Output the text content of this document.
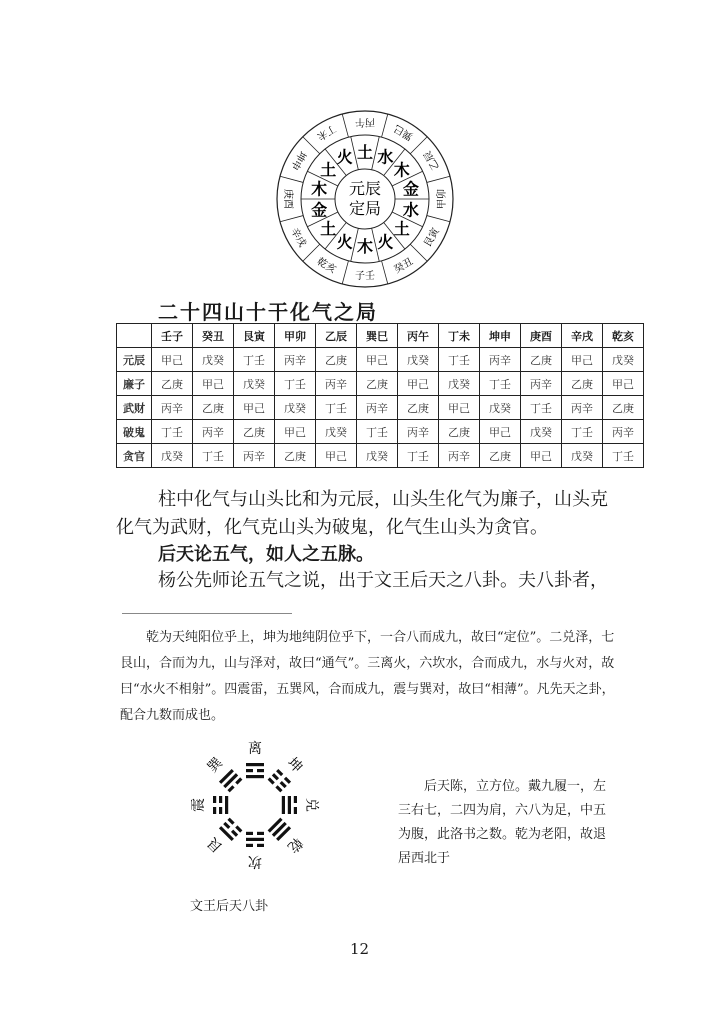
木
火
土
金
木
土
火 土 水
木
金
水
土
火
子壬
癸丑
艮寅
甲卯
乙辰
巽巳
丙午
丁未
坤申
庚酉
辛戌
乾亥
元辰
定局
二十四山十干化气之局
	壬子	癸丑	艮寅	甲卯	乙辰	巽巳	丙午	丁未	坤申	庚酉	辛戌	乾亥
元辰	甲己	戊癸	丁壬	丙辛	乙庚	甲己	戊癸	丁壬	丙辛	乙庚	甲己	戊癸
廉子	乙庚	甲己	戊癸	丁壬	丙辛	乙庚	甲己	戊癸	丁壬	丙辛	乙庚	甲己
武财	丙辛	乙庚	甲己	戊癸	丁壬	丙辛	乙庚	甲己	戊癸	丁壬	丙辛	乙庚
破鬼	丁壬	丙辛	乙庚	甲己	戊癸	丁壬	丙辛	乙庚	甲己	戊癸	丁壬	丙辛
贪官	戊癸	丁壬	丙辛	乙庚	甲己	戊癸	丁壬	丙辛	乙庚	甲己	戊癸	丁壬

柱中化气与山头比和为元辰，山头生化气为廉子，山头克化气为武财，化气克山头为破鬼，化气生山头为贪官。

后天论五气，如人之五脉。

杨公先师论五气之说，出于文王后天之八卦。夫八卦者，

乾为天纯阳位乎上，坤为地纯阴位乎下，一合八而成九，故曰“定位”。二兑泽，七艮山，合而为九，山与泽对，故曰“通气”。三离火，六坎水，合而成九，水与火对，故曰“水火不相射”。四震雷，五巽风，合而成九，震与巽对，故曰“相薄”。凡先天之卦，配合九数而成也。

离
坤
兑
乾
坎
艮
震
巽

文王后天八卦

后天陈，立方位。戴九履一，左三右七，二四为肩，六八为足，中五为腹，此洛书之数。乾为老阳，故退居西北于

12
